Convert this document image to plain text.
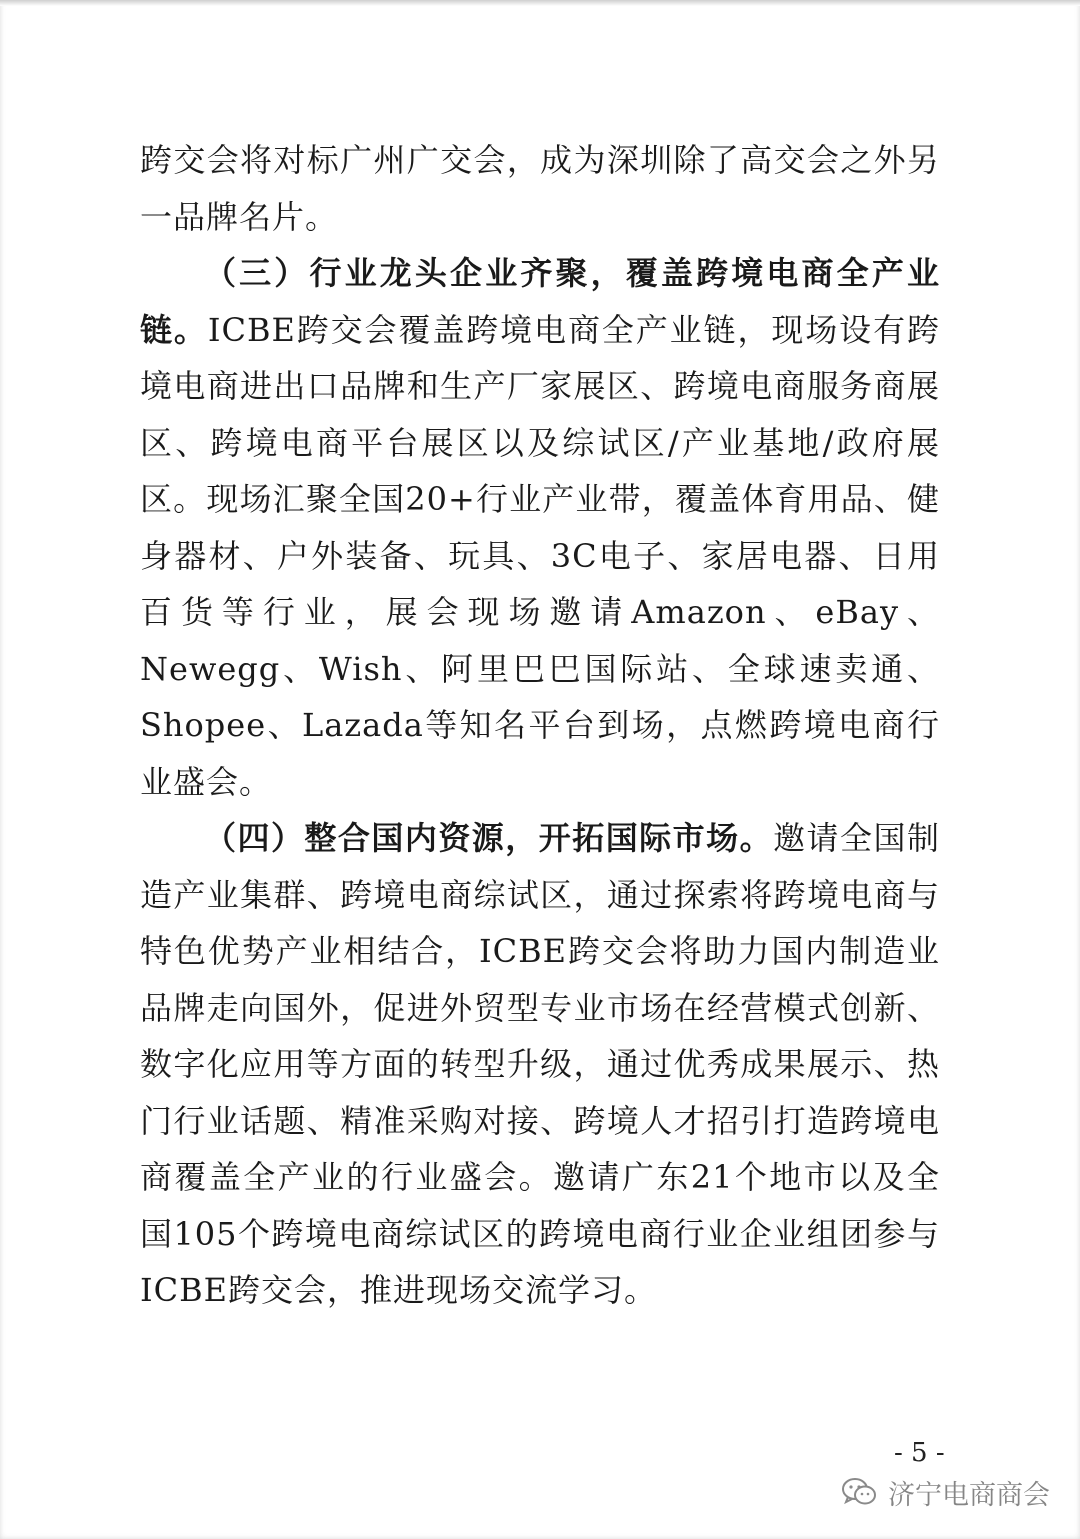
跨交会将对标广州广交会，成为深圳除了高交会之外另一品牌名片。

（三）行业龙头企业齐聚，覆盖跨境电商全产业链。ICBE跨交会覆盖跨境电商全产业链，现场设有跨境电商进出口品牌和生产厂家展区、跨境电商服务商展区、跨境电商平台展区以及综试区/产业基地/政府展区。现场汇聚全国20+行业产业带，覆盖体育用品、健身器材、户外装备、玩具、3C电子、家居电器、日用百货等行业，展会现场邀请Amazon、eBay、Newegg、Wish、阿里巴巴国际站、全球速卖通、Shopee、Lazada等知名平台到场，点燃跨境电商行业盛会。

（四）整合国内资源，开拓国际市场。邀请全国制造产业集群、跨境电商综试区，通过探索将跨境电商与特色优势产业相结合，ICBE跨交会将助力国内制造业品牌走向国外，促进外贸型专业市场在经营模式创新、数字化应用等方面的转型升级，通过优秀成果展示、热门行业话题、精准采购对接、跨境人才招引打造跨境电商覆盖全产业的行业盛会。邀请广东21个地市以及全国105个跨境电商综试区的跨境电商行业企业组团参与ICBE跨交会，推进现场交流学习。

- 5 -
济宁电商商会
